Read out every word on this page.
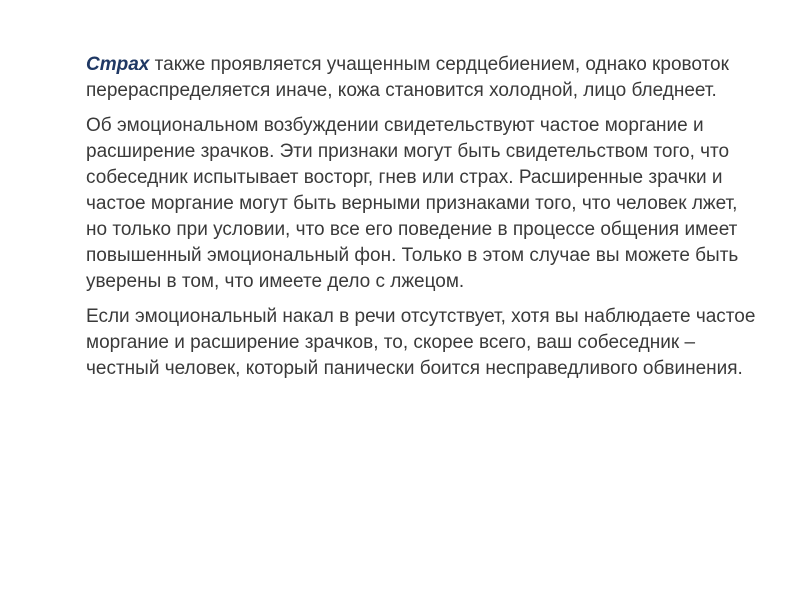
Страх также проявляется учащенным сердцебиением, однако кровоток перераспределяется иначе, кожа становится холодной, лицо бледнеет.

Об эмоциональном возбуждении свидетельствуют частое моргание и расширение зрачков. Эти признаки могут быть свидетельством того, что собеседник испытывает восторг, гнев или страх. Расширенные зрачки и частое моргание могут быть верными признаками того, что человек лжет, но только при условии, что все его поведение в процессе общения имеет повышенный эмоциональный фон. Только в этом случае вы можете быть уверены в том, что имеете дело с лжецом.

Если эмоциональный накал в речи отсутствует, хотя вы наблюдаете частое моргание и расширение зрачков, то, скорее всего, ваш собеседник – честный человек, который панически боится несправедливого обвинения.
